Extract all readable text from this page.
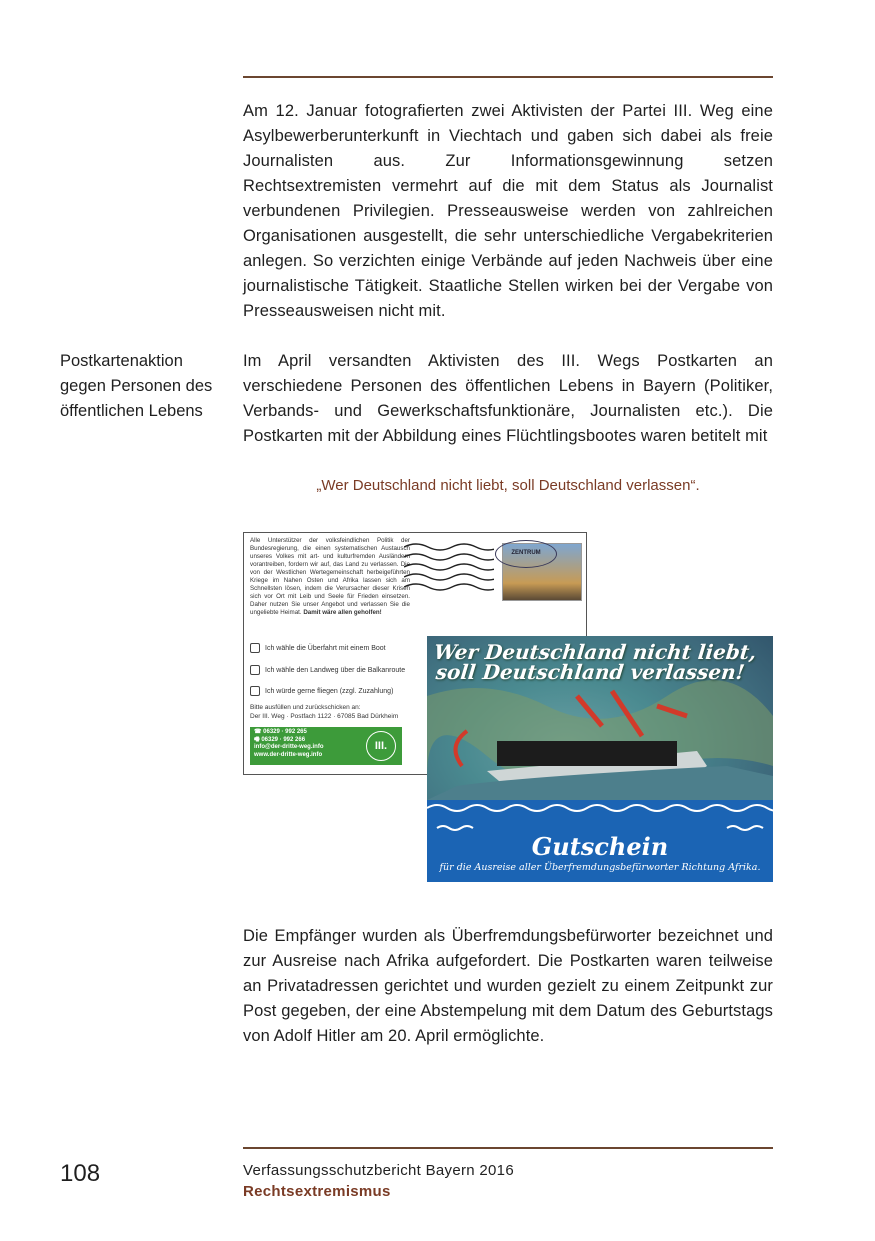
Am 12. Januar fotografierten zwei Aktivisten der Partei III. Weg eine Asylbewerberunterkunft in Viechtach und gaben sich dabei als freie Journalisten aus. Zur Informationsgewinnung setzen Rechtsextremisten vermehrt auf die mit dem Status als Journalist verbundenen Privilegien. Presseausweise werden von zahlreichen Organisationen ausgestellt, die sehr unterschiedliche Vergabekriterien anlegen. So verzichten einige Verbände auf jeden Nachweis über eine journalistische Tätigkeit. Staatliche Stellen wirken bei der Vergabe von Presseausweisen nicht mit.

Postkartenaktion gegen Personen des öffentlichen Lebens

Im April versandten Aktivisten des III. Wegs Postkarten an verschiedene Personen des öffentlichen Lebens in Bayern (Politiker, Verbands- und Gewerkschaftsfunktionäre, Journalisten etc.). Die Postkarten mit der Abbildung eines Flüchtlingsbootes waren betitelt mit

„Wer Deutschland nicht liebt, soll Deutschland verlassen“.
Alle Unterstützer der volksfeindlichen Politik der Bundesregierung, die einen systematischen Austausch unseres Volkes mit art- und kulturfremden Ausländern vorantreiben, fordern wir auf, das Land zu verlassen. Die von der Westlichen Wertegemeinschaft herbeigeführten Kriege im Nahen Osten und Afrika lassen sich am Schnellsten lösen, indem die Verursacher dieser Krisen sich vor Ort mit Leib und Seele für Frieden einsetzen. Daher nutzen Sie unser Angebot und verlassen Sie die ungeliebte Heimat. Damit wäre allen geholfen!
ZENTRUM
Ich wähle die Überfahrt mit einem Boot
Ich wähle den Landweg über die Balkanroute
Ich würde gerne fliegen (zzgl. Zuzahlung)
Bitte ausfüllen und zurückschicken an:
Der III. Weg · Postfach 1122 · 67085 Bad Dürkheim
☎ 06329 · 992 265
🖷 06329 · 992 266
info@der-dritte-weg.info
www.der-dritte-weg.info
III.
Wer Deutschland nicht liebt,
soll Deutschland verlassen!
Gutschein
für die Ausreise aller Überfremdungsbefürworter Richtung Afrika.

Die Empfänger wurden als Überfremdungsbefürworter bezeichnet und zur Ausreise nach Afrika aufgefordert. Die Postkarten waren teilweise an Privatadressen gerichtet und wurden gezielt zu einem Zeitpunkt zur Post gegeben, der eine Abstempelung mit dem Datum des Geburtstags von Adolf Hitler am 20. April ermöglichte.

108	Verfassungsschutzbericht Bayern 2016
Rechtsextremismus
